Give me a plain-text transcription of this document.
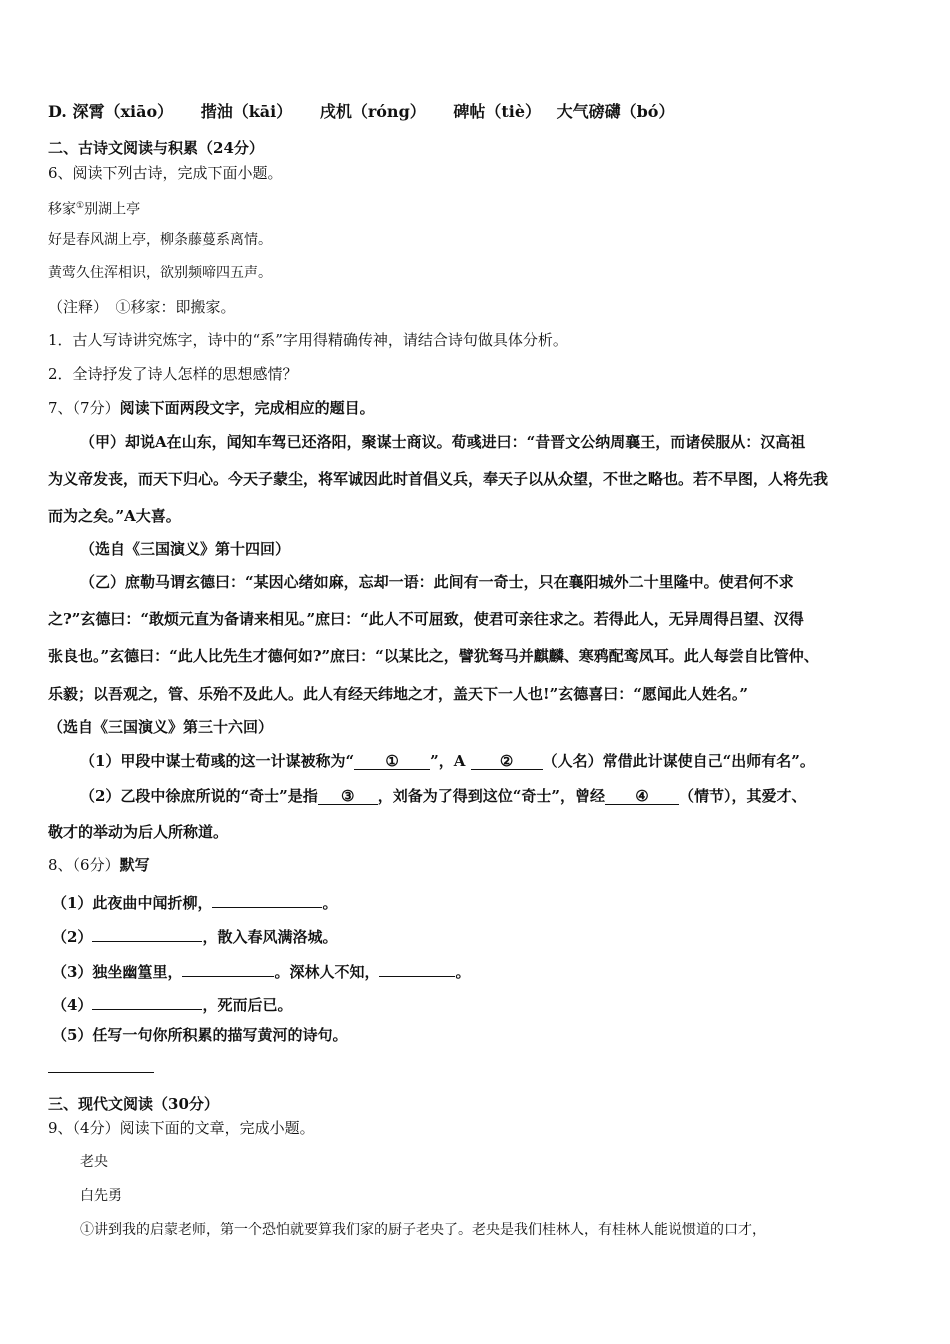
D. 深霄（xiāo） 揩油（kāi） 戌机（róng） 碑帖（tiè） 大气磅礴（bó）
二、古诗文阅读与积累（24分）
6、阅读下列古诗，完成下面小题。
移家①别湖上亭
好是春风湖上亭，柳条藤蔓系离情。
黄莺久住浑相识，欲别频啼四五声。
（注释）　①移家：即搬家。
1．古人写诗讲究炼字，诗中的“系”字用得精确传神，请结合诗句做具体分析。
2．全诗抒发了诗人怎样的思想感情？
7、（7分）阅读下面两段文字，完成相应的题目。
（甲）却说A在山东，闻知车驾已还洛阳，聚谋士商议。荀彧进曰：“昔晋文公纳周襄王，而诸侯服从：汉高祖
为义帝发丧，而天下归心。今天子蒙尘，将军诚因此时首倡义兵，奉天子以从众望，不世之略也。若不早图，人将先我
而为之矣。”A大喜。
（选自《三国演义》第十四回）
（乙）庶勒马谓玄德曰：“某因心绪如麻，忘却一语：此间有一奇士，只在襄阳城外二十里隆中。使君何不求
之?”玄德曰：“敢烦元直为备请来相见。”庶曰：“此人不可屈致，使君可亲往求之。若得此人，无异周得吕望、汉得
张良也。”玄德曰：“此人比先生才德何如?”庶曰：“以某比之，譬犹驽马并麒麟、寒鸦配鸾凤耳。此人每尝自比管仲、
乐毅；以吾观之，管、乐殆不及此人。此人有经天纬地之才，盖天下一人也!”玄德喜曰：“愿闻此人姓名。”
（选自《三国演义》第三十六回）
（1）甲段中谋士荀彧的这一计谋被称为“ ① ”，A ② （人名）常借此计谋使自己“出师有名”。
（2）乙段中徐庶所说的“奇士”是指 ③ ，刘备为了得到这位“奇士”，曾经 ④ （情节），其爱才、
敬才的举动为后人所称道。
8、（6分）默写
（1）此夜曲中闻折柳，	。
（2）	，散入春风满洛城。
（3）独坐幽篁里，	。深林人不知，	。
（4）	，死而后已。
（5）任写一句你所积累的描写黄河的诗句。
三、现代文阅读（30分）
9、（4分）阅读下面的文章，完成小题。
老央
白先勇
①讲到我的启蒙老师，第一个恐怕就要算我们家的厨子老央了。老央是我们桂林人，有桂林人能说惯道的口才，
